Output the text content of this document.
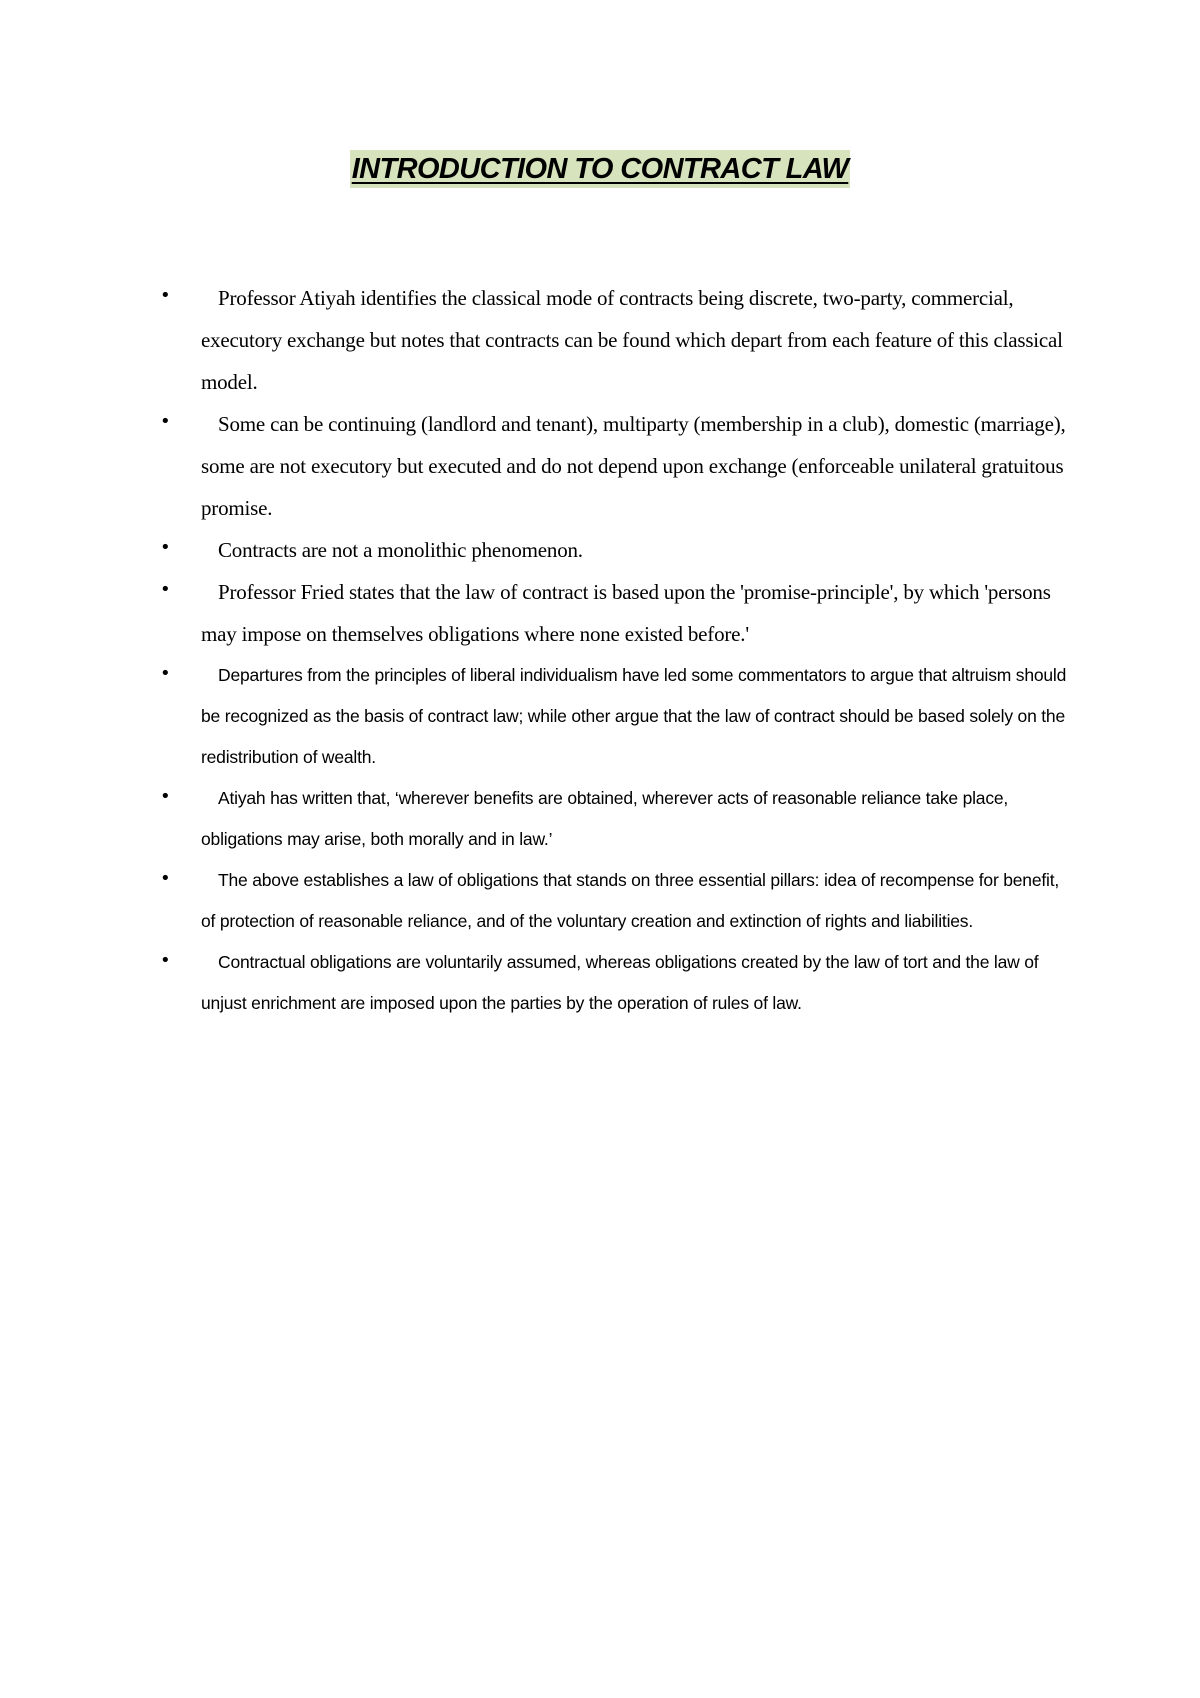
INTRODUCTION TO CONTRACT LAW
•	Professor Atiyah identifies the classical mode of contracts being discrete, two-party, commercial, executory exchange but notes that contracts can be found which depart from each feature of this classical model.
•	Some can be continuing (landlord and tenant), multiparty (membership in a club), domestic (marriage), some are not executory but executed and do not depend upon exchange (enforceable unilateral gratuitous promise.
•	Contracts are not a monolithic phenomenon.
•	Professor Fried states that the law of contract is based upon the 'promise-principle', by which 'persons may impose on themselves obligations where none existed before.'
•	Departures from the principles of liberal individualism have led some commentators to argue that altruism should be recognized as the basis of contract law; while other argue that the law of contract should be based solely on the redistribution of wealth.
•	Atiyah has written that, ‘wherever benefits are obtained, wherever acts of reasonable reliance take place, obligations may arise, both morally and in law.’
•	The above establishes a law of obligations that stands on three essential pillars: idea of recompense for benefit, of protection of reasonable reliance, and of the voluntary creation and extinction of rights and liabilities.
•	Contractual obligations are voluntarily assumed, whereas obligations created by the law of tort and the law of unjust enrichment are imposed upon the parties by the operation of rules of law.
